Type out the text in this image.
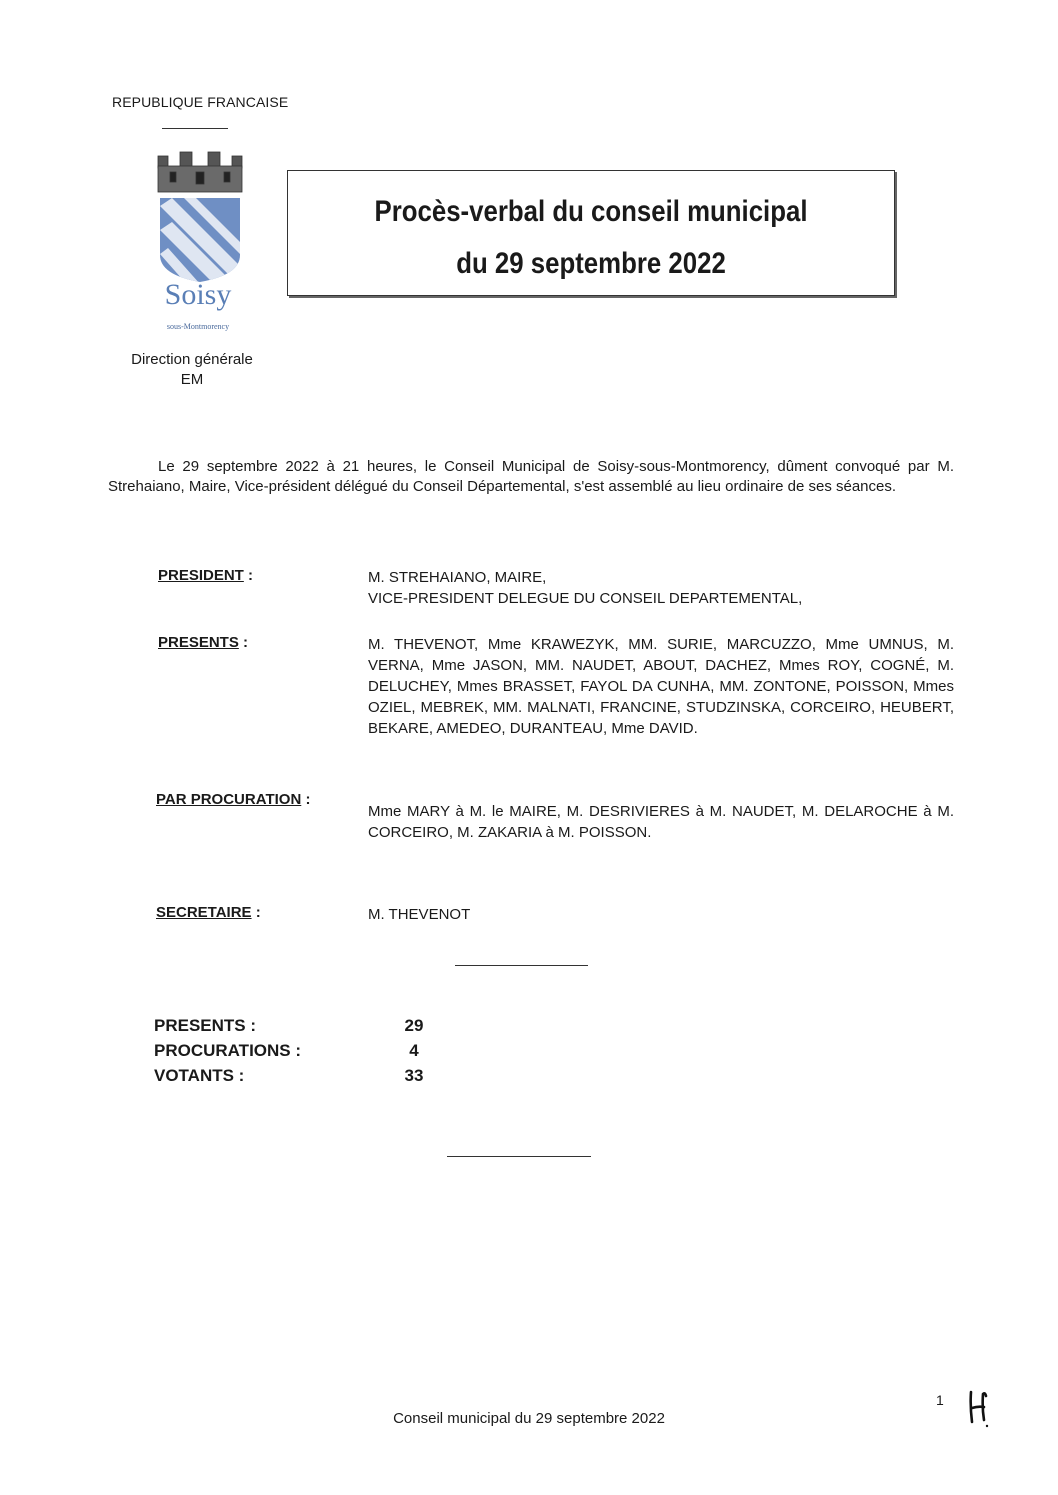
REPUBLIQUE FRANCAISE
Soisy
sous-Montmorency
Direction générale
EM
Procès-verbal du conseil municipal
du 29 septembre 2022
Le 29 septembre 2022 à 21 heures, le Conseil Municipal de Soisy-sous-Montmorency, dûment convoqué par M. Strehaiano, Maire, Vice-président délégué du Conseil Départemental, s'est assemblé au lieu ordinaire de ses séances.
PRESIDENT :	M. STREHAIANO, MAIRE,
VICE-PRESIDENT DELEGUE DU CONSEIL DEPARTEMENTAL,
PRESENTS :	M. THEVENOT, Mme KRAWEZYK, MM. SURIE, MARCUZZO, Mme UMNUS, M. VERNA, Mme JASON, MM. NAUDET, ABOUT, DACHEZ, Mmes ROY, COGNÉ, M. DELUCHEY, Mmes BRASSET, FAYOL DA CUNHA, MM. ZONTONE, POISSON, Mmes OZIEL, MEBREK, MM. MALNATI, FRANCINE, STUDZINSKA, CORCEIRO, HEUBERT, BEKARE, AMEDEO, DURANTEAU, Mme DAVID.
PAR PROCURATION :
Mme MARY à M. le MAIRE, M. DESRIVIERES à M. NAUDET, M. DELAROCHE à M. CORCEIRO, M. ZAKARIA à M. POISSON.
SECRETAIRE :	M. THEVENOT
PRESENTS :	29
PROCURATIONS :	4
VOTANTS :	33
Conseil municipal du 29 septembre 2022
1
